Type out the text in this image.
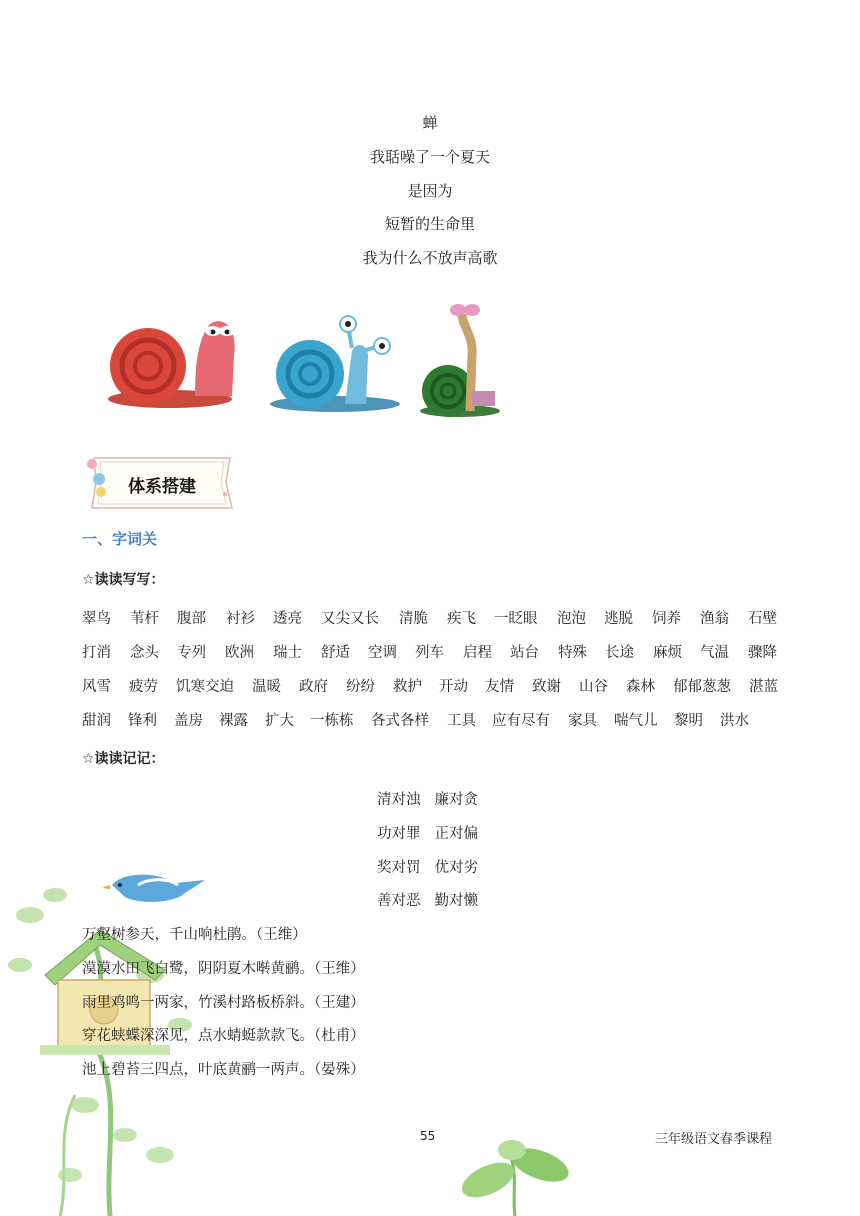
蝉
我聒噪了一个夏天
是因为
短暂的生命里
我为什么不放声高歌
体系搭建
一、字词关
☆读读写写：
翠鸟 苇杆 腹部 衬衫 透亮 又尖又长 清脆 疾飞 一眨眼 泡泡 逃脱 饲养 渔翁 石壁
打消 念头 专列 欧洲 瑞士 舒适 空调 列车 启程 站台 特殊 长途 麻烦 气温 骤降
风雪 疲劳 饥寒交迫 温暖 政府 纷纷 救护 开动 友情 致谢 山谷 森林 郁郁葱葱 湛蓝
甜润 锋利 盖房 裸露 扩大 一栋栋 各式各样 工具 应有尽有 家具 喘气儿 黎明 洪水
☆读读记记：
清对浊 廉对贪
功对罪 正对偏
奖对罚 优对劣
善对恶 勤对懒
万壑树参天，千山响杜鹃。（王维）
漠漠水田飞白鹭，阴阴夏木啭黄鹂。（王维）
雨里鸡鸣一两家，竹溪村路板桥斜。（王建）
穿花蛱蝶深深见，点水蜻蜓款款飞。（杜甫）
池上碧苔三四点，叶底黄鹂一两声。（晏殊）
55	三年级语文春季课程
